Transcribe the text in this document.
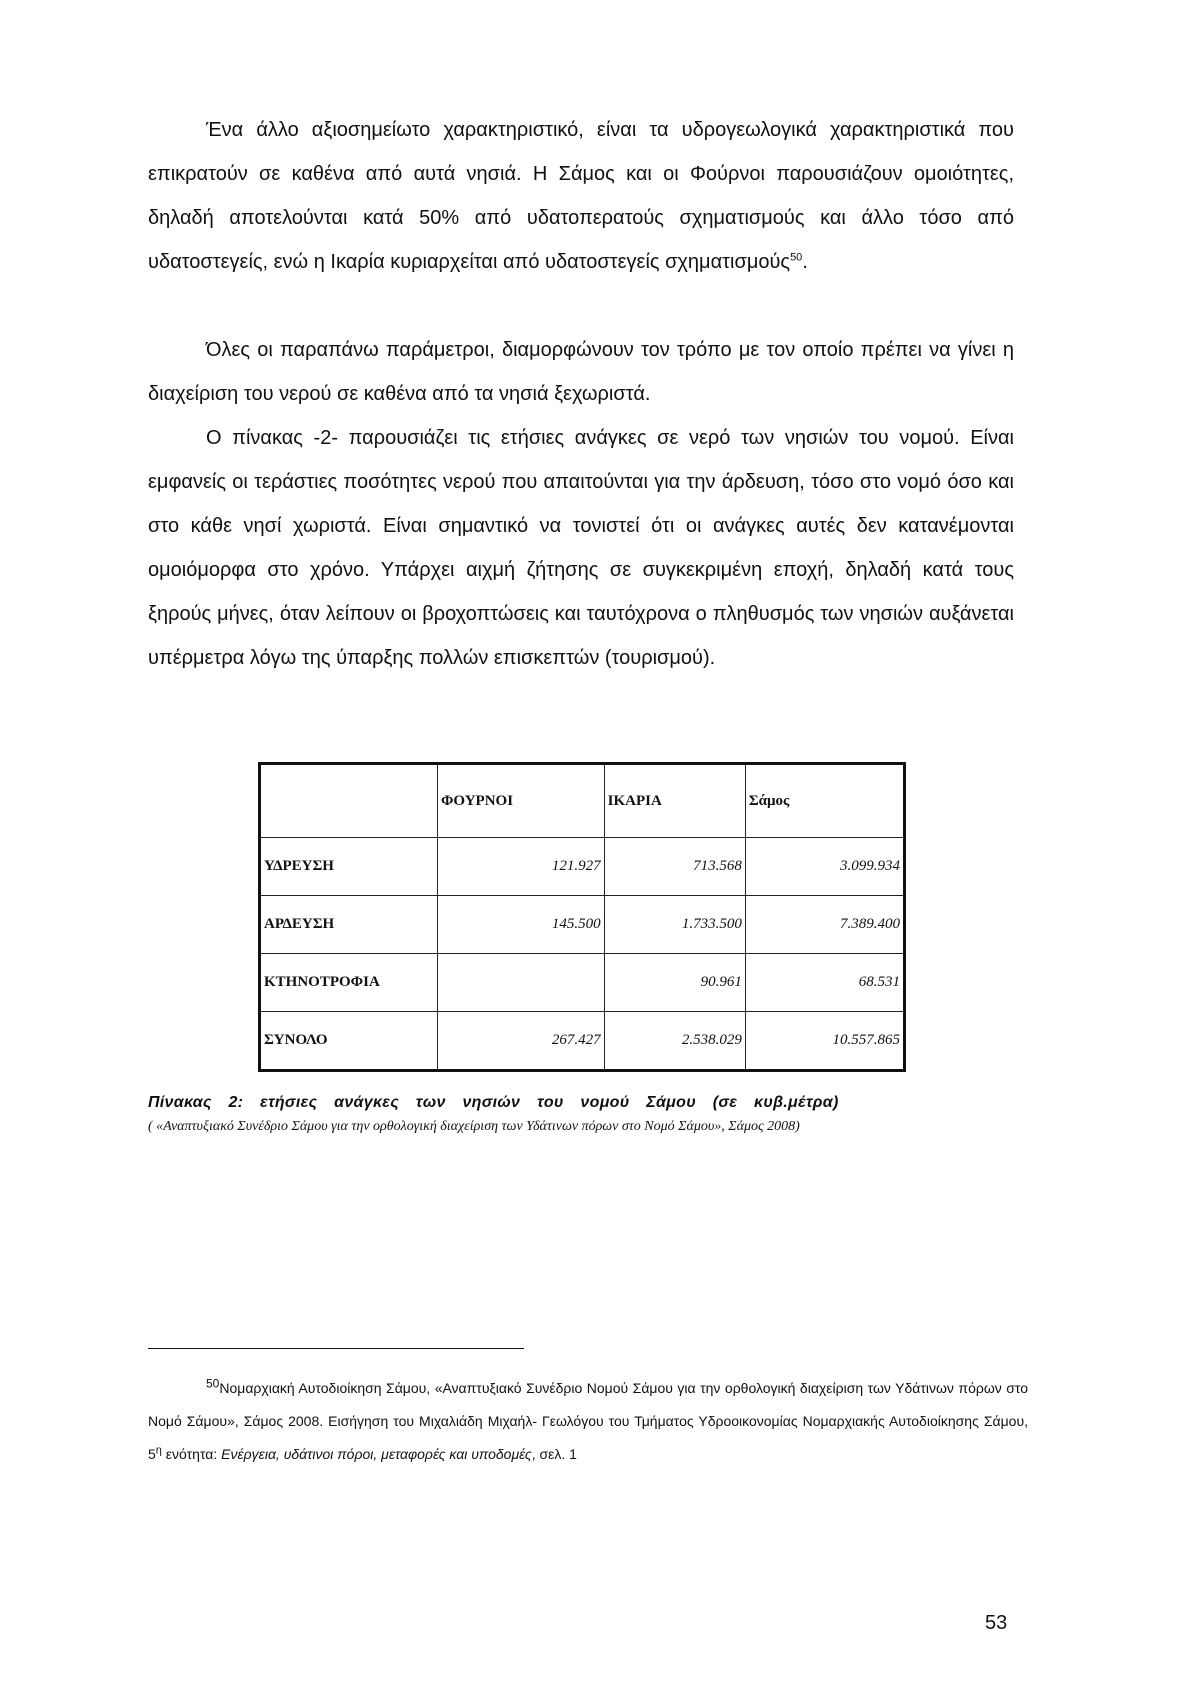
Ένα άλλο αξιοσημείωτο χαρακτηριστικό, είναι τα υδρογεωλογικά χαρακτηριστικά που επικρατούν σε καθένα από αυτά νησιά. Η Σάμος και οι Φούρνοι παρουσιάζουν ομοιότητες, δηλαδή αποτελούνται κατά 50% από υδατοπερατούς σχηματισμούς και άλλο τόσο από υδατοστεγείς, ενώ η Ικαρία κυριαρχείται από υδατοστεγείς σχηματισμούς$^{50}$.

Όλες οι παραπάνω παράμετροι, διαμορφώνουν τον τρόπο με τον οποίο πρέπει να γίνει η διαχείριση του νερού σε καθένα από τα νησιά ξεχωριστά.

Ο πίνακας -2- παρουσιάζει τις ετήσιες ανάγκες σε νερό των νησιών του νομού. Είναι εμφανείς οι τεράστιες ποσότητες νερού που απαιτούνται για την άρδευση, τόσο στο νομό όσο και στο κάθε νησί χωριστά. Είναι σημαντικό να τονιστεί ότι οι ανάγκες αυτές δεν κατανέμονται ομοιόμορφα στο χρόνο. Υπάρχει αιχμή ζήτησης σε συγκεκριμένη εποχή, δηλαδή κατά τους ξηρούς μήνες, όταν λείπουν οι βροχοπτώσεις και ταυτόχρονα ο πληθυσμός των νησιών αυξάνεται υπέρμετρα λόγω της ύπαρξης πολλών επισκεπτών (τουρισμού).

	ΦΟΥΡΝΟΙ	ΙΚΑΡΙΑ	Σάμος
ΥΔΡΕΥΣΗ	121.927	713.568	3.099.934
ΑΡΔΕΥΣΗ	145.500	1.733.500	7.389.400
ΚΤΗΝΟΤΡΟΦΙΑ		90.961	68.531
ΣΥΝΟΛΟ	267.427	2.538.029	10.557.865

Πίνακας 2: ετήσιες ανάγκες των νησιών του νομού Σάμου (σε κυβ.μέτρα)

( «Αναπτυξιακό Συνέδριο Σάμου για την ορθολογική διαχείριση των Υδάτινων πόρων στο Νομό Σάμου», Σάμος 2008)

50Νομαρχιακή Αυτοδιοίκηση Σάμου, «Αναπτυξιακό Συνέδριο Νομού Σάμου για την ορθολογική διαχείριση των Υδάτινων πόρων στο Νομό Σάμου», Σάμος 2008. Εισήγηση του Μιχαλιάδη Μιχαήλ- Γεωλόγου του Τμήματος Υδροοικονομίας Νομαρχιακής Αυτοδιοίκησης Σάμου, $5^\eta$ ενότητα: Ενέργεια, υδάτινοι πόροι, μεταφορές και υποδομές, σελ. 1

53
